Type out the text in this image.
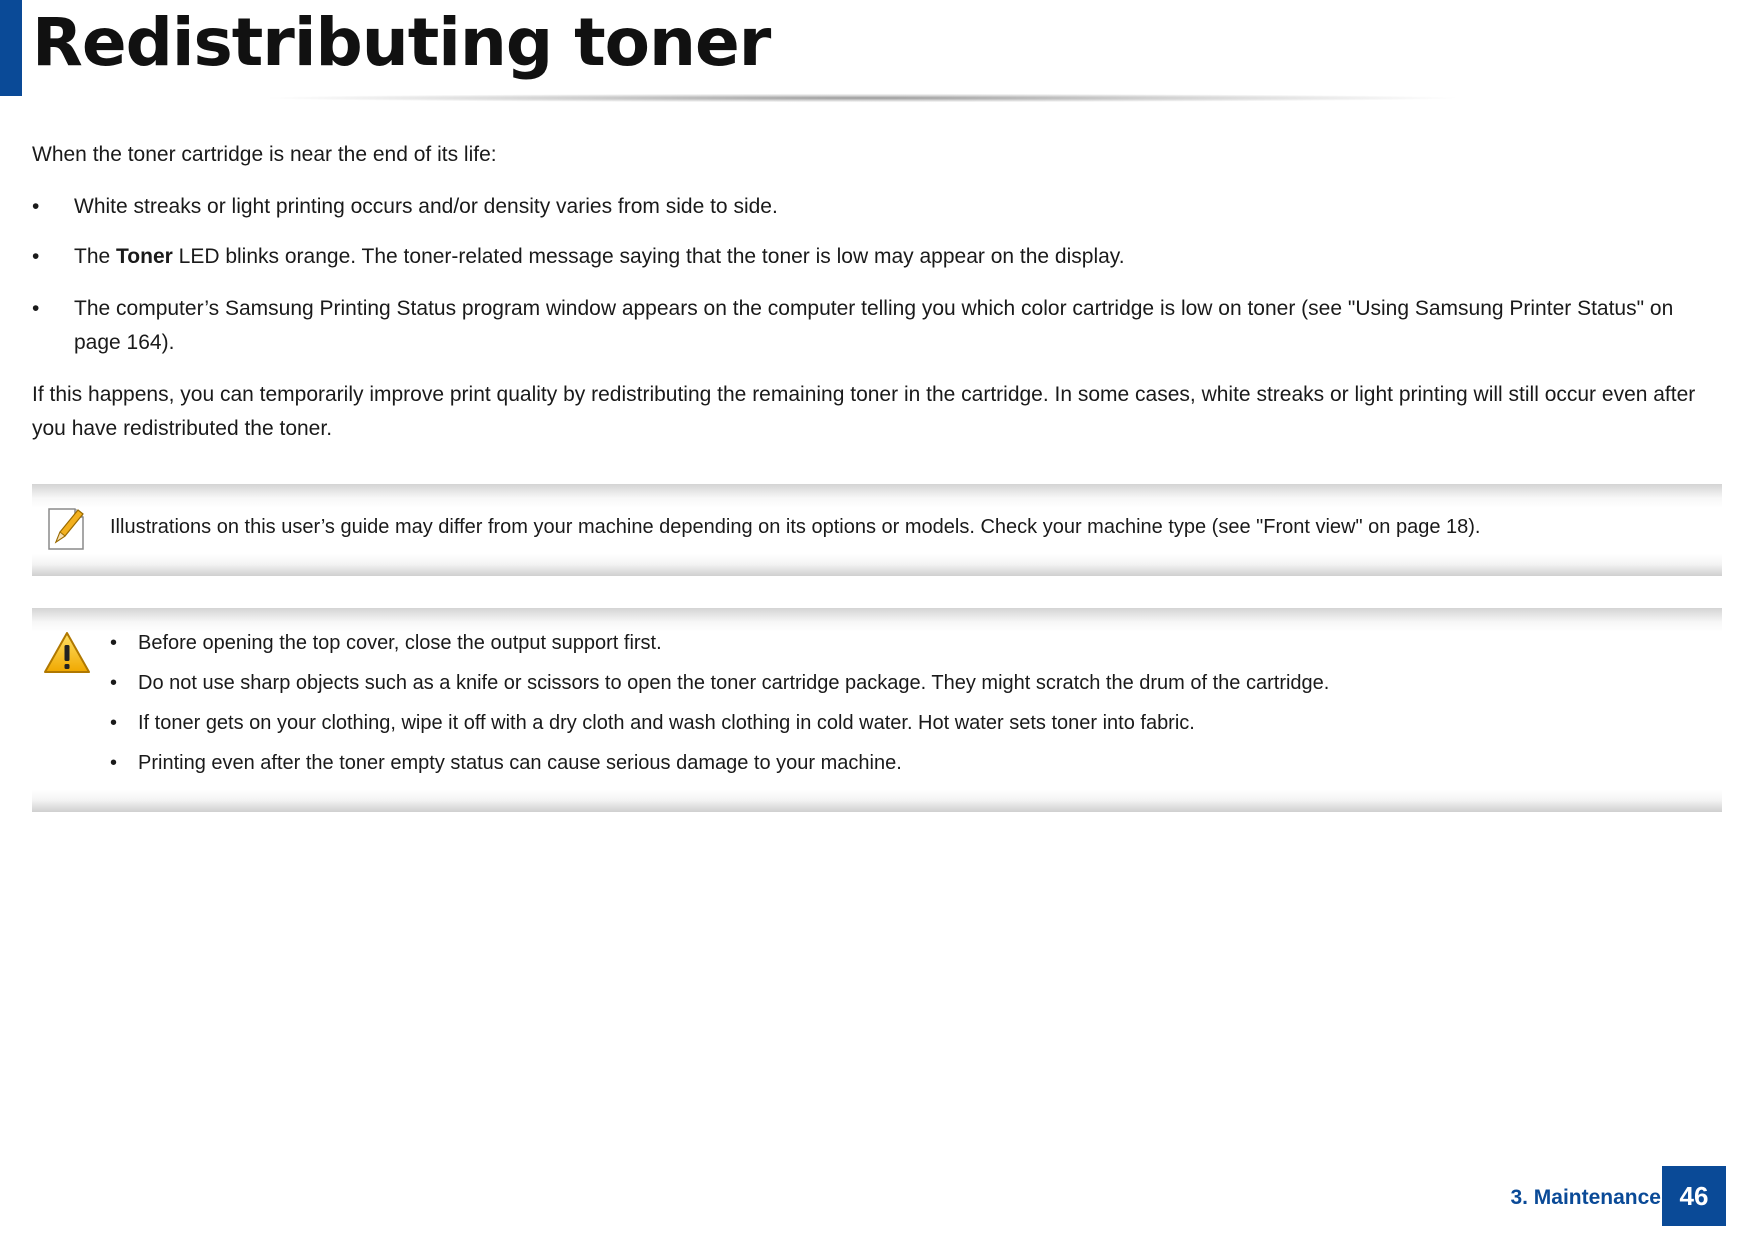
Redistributing toner
When the toner cartridge is near the end of its life:
• White streaks or light printing occurs and/or density varies from side to side.
• The Toner LED blinks orange. The toner-related message saying that the toner is low may appear on the display.
• The computer’s Samsung Printing Status program window appears on the computer telling you which color cartridge is low on toner (see "Using Samsung Printer Status" on page 164).
If this happens, you can temporarily improve print quality by redistributing the remaining toner in the cartridge. In some cases, white streaks or light printing will still occur even after you have redistributed the toner.
Illustrations on this user’s guide may differ from your machine depending on its options or models. Check your machine type (see "Front view" on page 18).
• Before opening the top cover, close the output support first.
• Do not use sharp objects such as a knife or scissors to open the toner cartridge package. They might scratch the drum of the cartridge.
• If toner gets on your clothing, wipe it off with a dry cloth and wash clothing in cold water. Hot water sets toner into fabric.
• Printing even after the toner empty status can cause serious damage to your machine.
3. Maintenance 46
